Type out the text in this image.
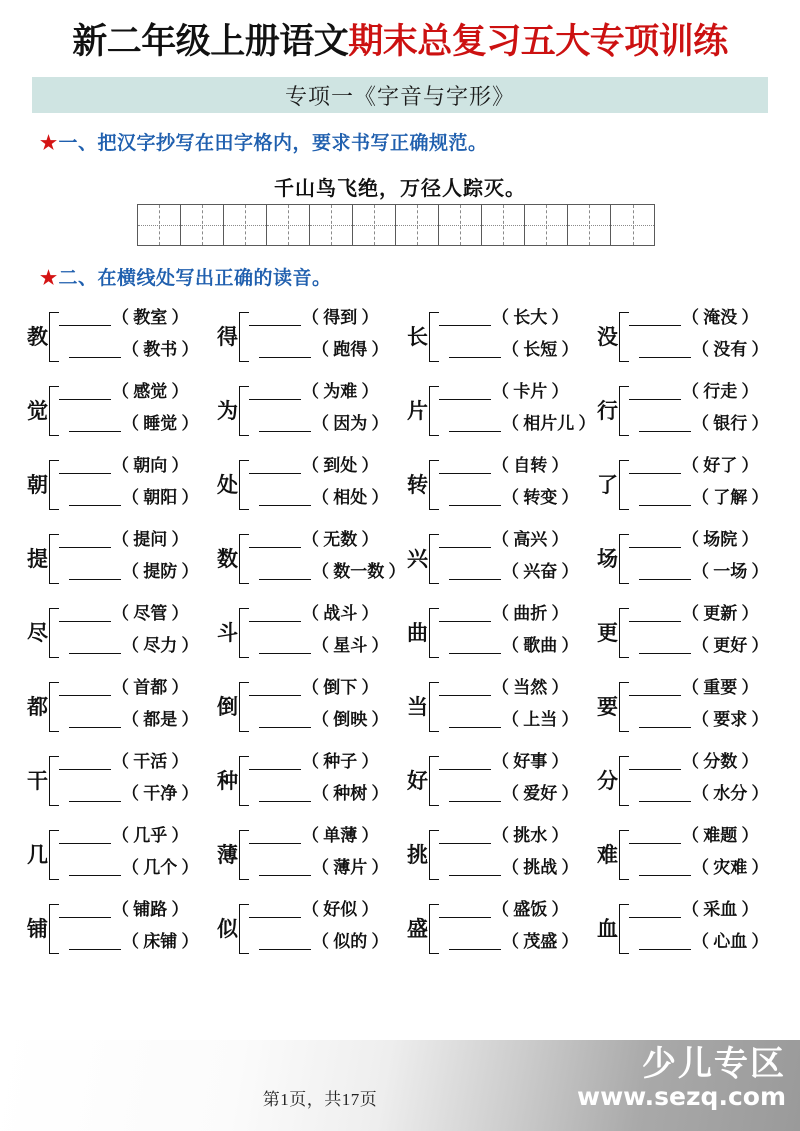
新二年级上册语文期末总复习五大专项训练
专项一《字音与字形》
★一、把汉字抄写在田字格内，要求书写正确规范。
千山鸟飞绝，万径人踪灭。
★二、在横线处写出正确的读音。
教
（ 教室 ）
（ 教书 ）
觉
（ 感觉 ）
（ 睡觉 ）
朝
（ 朝向 ）
（ 朝阳 ）
提
（ 提问 ）
（ 提防 ）
尽
（ 尽管 ）
（ 尽力 ）
都
（ 首都 ）
（ 都是 ）
干
（ 干活 ）
（ 干净 ）
几
（ 几乎 ）
（ 几个 ）
铺
（ 铺路 ）
（ 床铺 ）
得
（ 得到 ）
（ 跑得 ）
为
（ 为难 ）
（ 因为 ）
处
（ 到处 ）
（ 相处 ）
数
（ 无数 ）
（ 数一数 ）
斗
（ 战斗 ）
（ 星斗 ）
倒
（ 倒下 ）
（ 倒映 ）
种
（ 种子 ）
（ 种树 ）
薄
（ 单薄 ）
（ 薄片 ）
似
（ 好似 ）
（ 似的 ）
长
（ 长大 ）
（ 长短 ）
片
（ 卡片 ）
（ 相片儿 ）
转
（ 自转 ）
（ 转变 ）
兴
（ 高兴 ）
（ 兴奋 ）
曲
（ 曲折 ）
（ 歌曲 ）
当
（ 当然 ）
（ 上当 ）
好
（ 好事 ）
（ 爱好 ）
挑
（ 挑水 ）
（ 挑战 ）
盛
（ 盛饭 ）
（ 茂盛 ）
没
（ 淹没 ）
（ 没有 ）
行
（ 行走 ）
（ 银行 ）
了
（ 好了 ）
（ 了解 ）
场
（ 场院 ）
（ 一场 ）
更
（ 更新 ）
（ 更好 ）
要
（ 重要 ）
（ 要求 ）
分
（ 分数 ）
（ 水分 ）
难
（ 难题 ）
（ 灾难 ）
血
（ 采血 ）
（ 心血 ）
第1页，共17页
少儿专区
www.sezq.com
